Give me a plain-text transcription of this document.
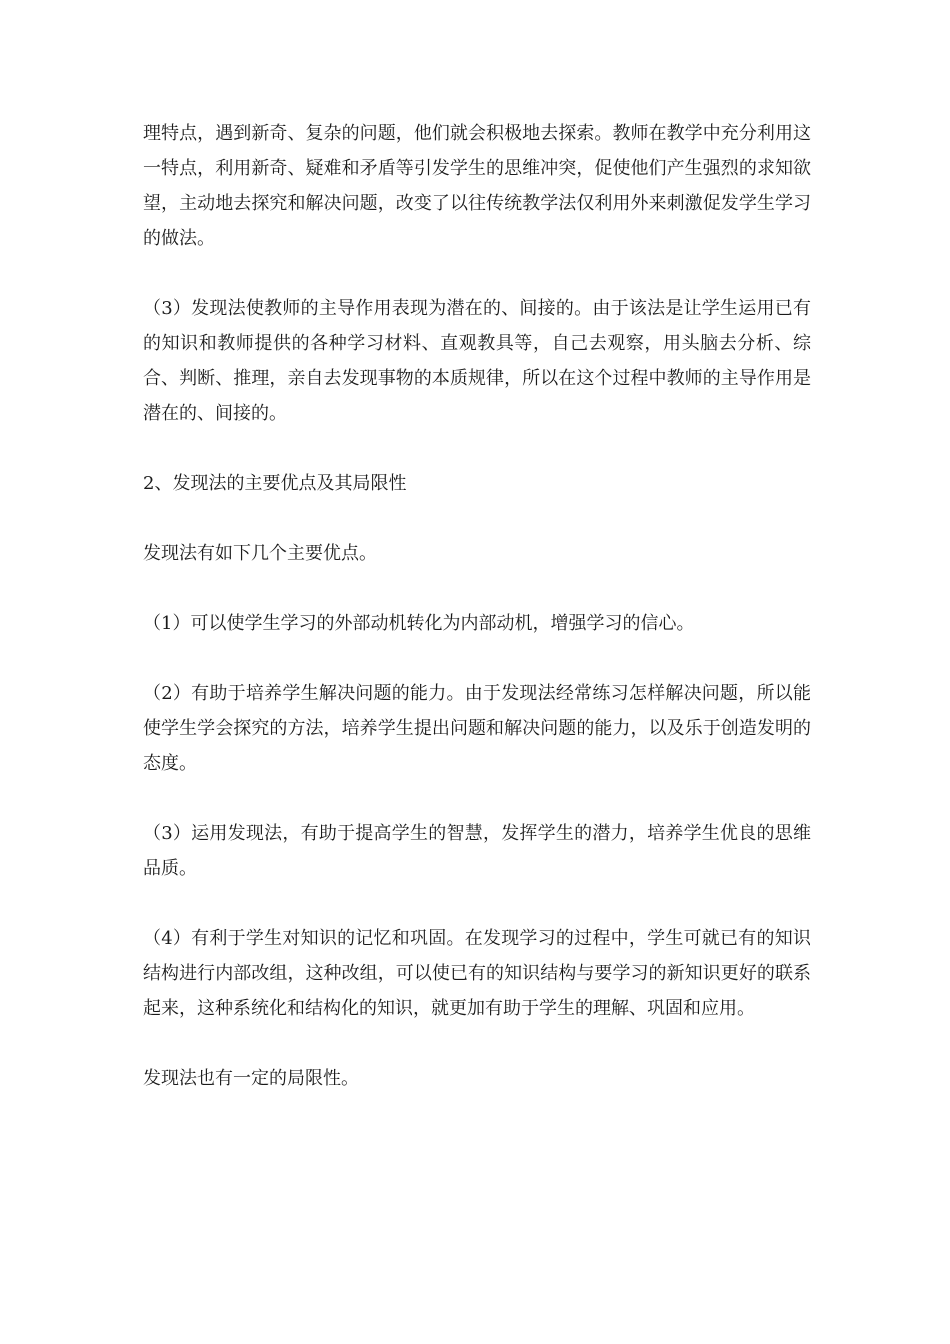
理特点，遇到新奇、复杂的问题，他们就会积极地去探索。教师在教学中充分利用这一特点，利用新奇、疑难和矛盾等引发学生的思维冲突，促使他们产生强烈的求知欲望，主动地去探究和解决问题，改变了以往传统教学法仅利用外来刺激促发学生学习的做法。

（3）发现法使教师的主导作用表现为潜在的、间接的。由于该法是让学生运用已有的知识和教师提供的各种学习材料、直观教具等，自己去观察，用头脑去分析、综合、判断、推理，亲自去发现事物的本质规律，所以在这个过程中教师的主导作用是潜在的、间接的。

2、发现法的主要优点及其局限性

发现法有如下几个主要优点。

（1）可以使学生学习的外部动机转化为内部动机，增强学习的信心。

（2）有助于培养学生解决问题的能力。由于发现法经常练习怎样解决问题，所以能使学生学会探究的方法，培养学生提出问题和解决问题的能力，以及乐于创造发明的态度。

（3）运用发现法，有助于提高学生的智慧，发挥学生的潜力，培养学生优良的思维品质。

（4）有利于学生对知识的记忆和巩固。在发现学习的过程中，学生可就已有的知识结构进行内部改组，这种改组，可以使已有的知识结构与要学习的新知识更好的联系起来，这种系统化和结构化的知识，就更加有助于学生的理解、巩固和应用。

发现法也有一定的局限性。
